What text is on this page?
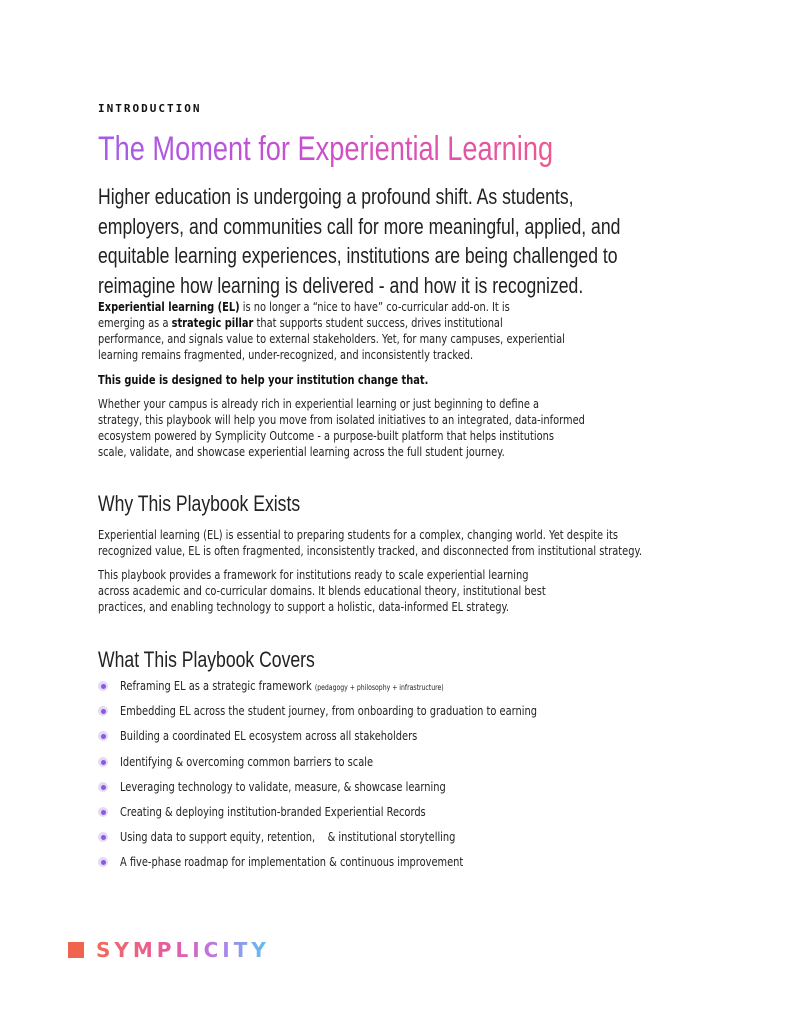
INTRODUCTION
The Moment for Experiential Learning
Higher education is undergoing a profound shift. As students,
employers, and communities call for more meaningful, applied, and
equitable learning experiences, institutions are being challenged to
reimagine how learning is delivered - and how it is recognized.
Experiential learning (EL) is no longer a “nice to have” co-curricular add-on. It is
emerging as a strategic pillar that supports student success, drives institutional
performance, and signals value to external stakeholders. Yet, for many campuses, experiential
learning remains fragmented, under-recognized, and inconsistently tracked.
This guide is designed to help your institution change that.
Whether your campus is already rich in experiential learning or just beginning to define a
strategy, this playbook will help you move from isolated initiatives to an integrated, data-informed
ecosystem powered by Symplicity Outcome - a purpose-built platform that helps institutions
scale, validate, and showcase experiential learning across the full student journey.
Why This Playbook Exists
Experiential learning (EL) is essential to preparing students for a complex, changing world. Yet despite its
recognized value, EL is often fragmented, inconsistently tracked, and disconnected from institutional strategy.
This playbook provides a framework for institutions ready to scale experiential learning
across academic and co-curricular domains. It blends educational theory, institutional best
practices, and enabling technology to support a holistic, data-informed EL strategy.
What This Playbook Covers
Reframing EL as a strategic framework (pedagogy + philosophy + infrastructure)
Embedding EL across the student journey, from onboarding to graduation to earning
Building a coordinated EL ecosystem across all stakeholders
Identifying & overcoming common barriers to scale
Leveraging technology to validate, measure, & showcase learning
Creating & deploying institution-branded Experiential Records
Using data to support equity, retention,    & institutional storytelling
A five-phase roadmap for implementation & continuous improvement
SYMPLICITY
